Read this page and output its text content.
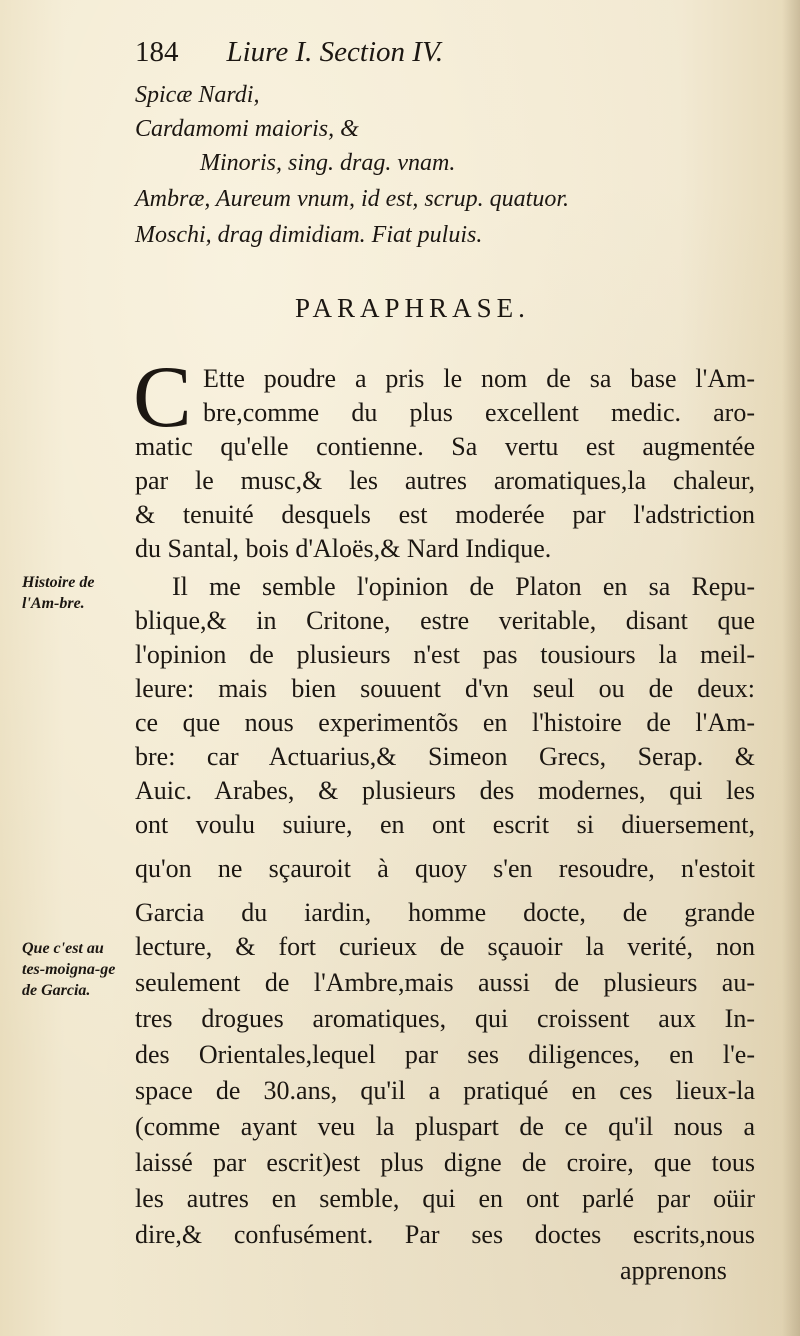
184 Liure I. Section IV.
Spicæ Nardi,
Cardamomi maioris, &
Minoris, sing. drag. vnam.
Ambræ, Aureum vnum, id est, scrup. quatuor.
Moschi, drag dimidiam. Fiat puluis.
PARAPHRASE.
C Ette poudre a pris le nom de sa base l'Am-
bre,comme du plus excellent medic. aro-
matic qu'elle contienne. Sa vertu est augmentée
par le musc,& les autres aromatiques,la chaleur,
& tenuité desquels est moderée par l'adstriction
du Santal, bois d'Aloës,& Nard Indique.
Il me semble l'opinion de Platon en sa Repu-
blique,& in Critone, estre veritable, disant que
l'opinion de plusieurs n'est pas tousiours la meil-
leure: mais bien souuent d'vn seul ou de deux:
ce que nous experimentõs en l'histoire de l'Am-
bre: car Actuarius,& Simeon Grecs, Serap. &
Auic. Arabes, & plusieurs des modernes, qui les
ont voulu suiure, en ont escrit si diuersement,
qu'on ne sçauroit à quoy s'en resoudre, n'estoit
Garcia du iardin, homme docte, de grande
lecture, & fort curieux de sçauoir la verité, non
seulement de l'Ambre,mais aussi de plusieurs au-
tres drogues aromatiques, qui croissent aux In-
des Orientales,lequel par ses diligences, en l'e-
space de 30.ans, qu'il a pratiqué en ces lieux-la
(comme ayant veu la pluspart de ce qu'il nous a
laissé par escrit)est plus digne de croire, que tous
les autres en semble, qui en ont parlé par oüir
dire,& confusément. Par ses doctes escrits,nous
apprenons
Histoire de l'Am-bre.
Que c'est au tes-moigna-ge de Garcia.
